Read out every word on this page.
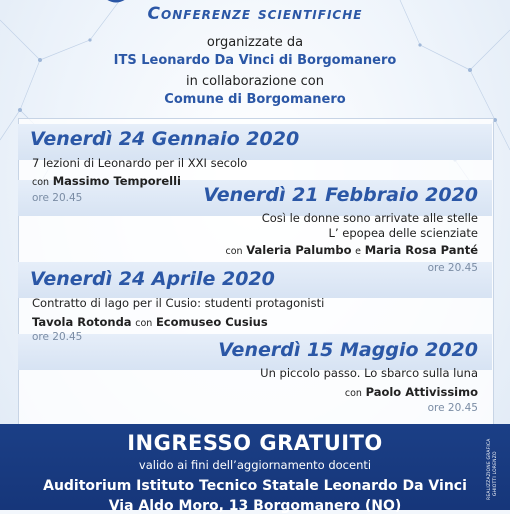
Conferenze scientifiche
organizzate da
ITS Leonardo Da Vinci di Borgomanero
in collaborazione con
Comune di Borgomanero
Venerdì 24 Gennaio 2020
7 lezioni di Leonardo per il XXI secolo
con Massimo Temporelli
ore 20.45	Venerdì 21 Febbraio 2020
Così le donne sono arrivate alle stelle
L’ epopea delle scienziate
con Valeria Palumbo e Maria Rosa Panté
ore 20.45
Venerdì 24 Aprile 2020
Contratto di lago per il Cusio: studenti protagonisti
Tavola Rotonda con Ecomuseo Cusius
ore 20.45
Venerdì 15 Maggio 2020
Un piccolo passo. Lo sbarco sulla luna
con Paolo Attivissimo
ore 20.45
INGRESSO GRATUITO
valido ai fini dell’aggiornamento docenti
Auditorium Istituto Tecnico Statale Leonardo Da Vinci
Via Aldo Moro, 13 Borgomanero (NO)
REALIZZAZIONE GRAFICA GHIOTTI LORENZO
